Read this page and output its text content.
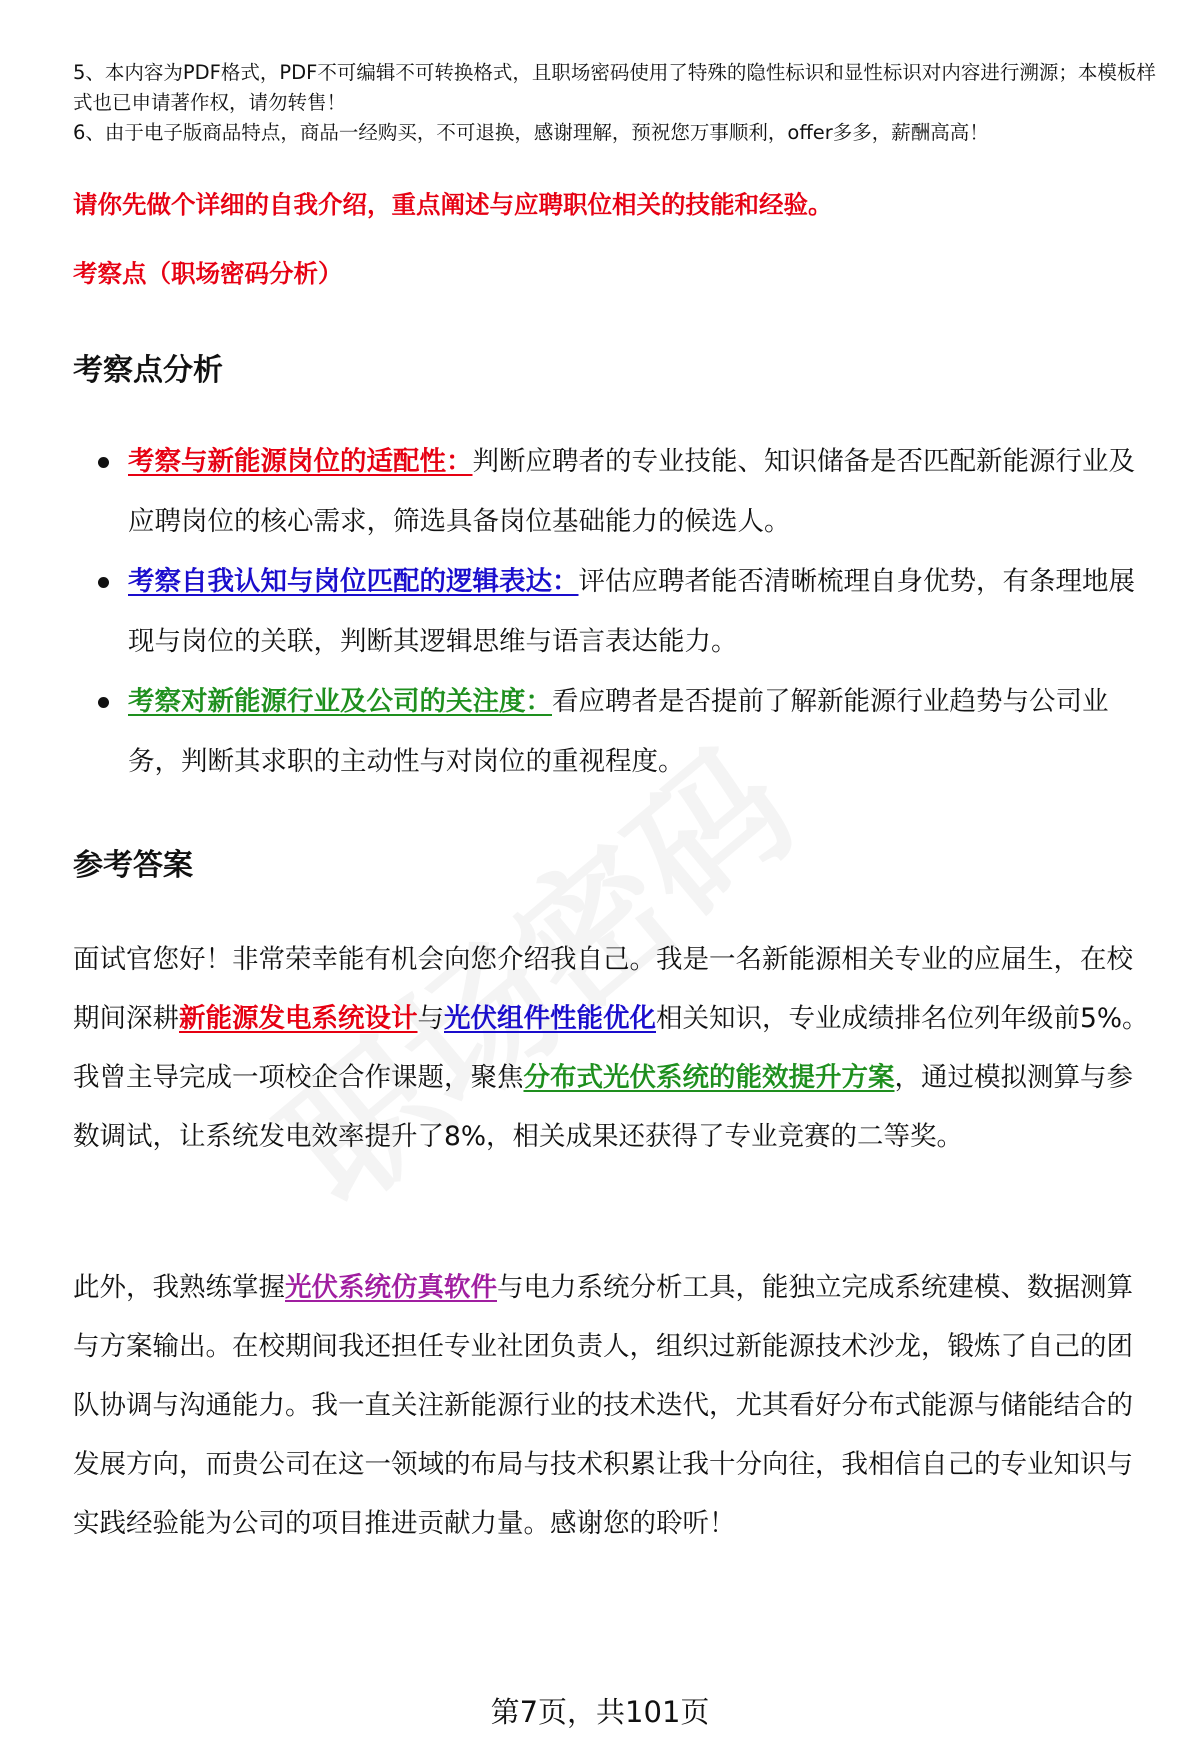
5、本内容为PDF格式，PDF不可编辑不可转换格式，且职场密码使用了特殊的隐性标识和显性标识对内容进行溯源；本模板样式也已申请著作权，请勿转售！

6、由于电子版商品特点，商品一经购买，不可退换，感谢理解，预祝您万事顺利，offer多多，薪酬高高！

请你先做个详细的自我介绍，重点阐述与应聘职位相关的技能和经验。
考察点（职场密码分析）
考察点分析
考察与新能源岗位的适配性：判断应聘者的专业技能、知识储备是否匹配新能源行业及应聘岗位的核心需求，筛选具备岗位基础能力的候选人。
考察自我认知与岗位匹配的逻辑表达：评估应聘者能否清晰梳理自身优势，有条理地展现与岗位的关联，判断其逻辑思维与语言表达能力。
考察对新能源行业及公司的关注度：看应聘者是否提前了解新能源行业趋势与公司业务，判断其求职的主动性与对岗位的重视程度。
参考答案

面试官您好！非常荣幸能有机会向您介绍我自己。我是一名新能源相关专业的应届生，在校期间深耕新能源发电系统设计与光伏组件性能优化相关知识，专业成绩排名位列年级前5%。我曾主导完成一项校企合作课题，聚焦分布式光伏系统的能效提升方案，通过模拟测算与参数调试，让系统发电效率提升了8%，相关成果还获得了专业竞赛的二等奖。

此外，我熟练掌握光伏系统仿真软件与电力系统分析工具，能独立完成系统建模、数据测算与方案输出。在校期间我还担任专业社团负责人，组织过新能源技术沙龙，锻炼了自己的团队协调与沟通能力。我一直关注新能源行业的技术迭代，尤其看好分布式能源与储能结合的发展方向，而贵公司在这一领域的布局与技术积累让我十分向往，我相信自己的专业知识与实践经验能为公司的项目推进贡献力量。感谢您的聆听！

第7页，共101页
